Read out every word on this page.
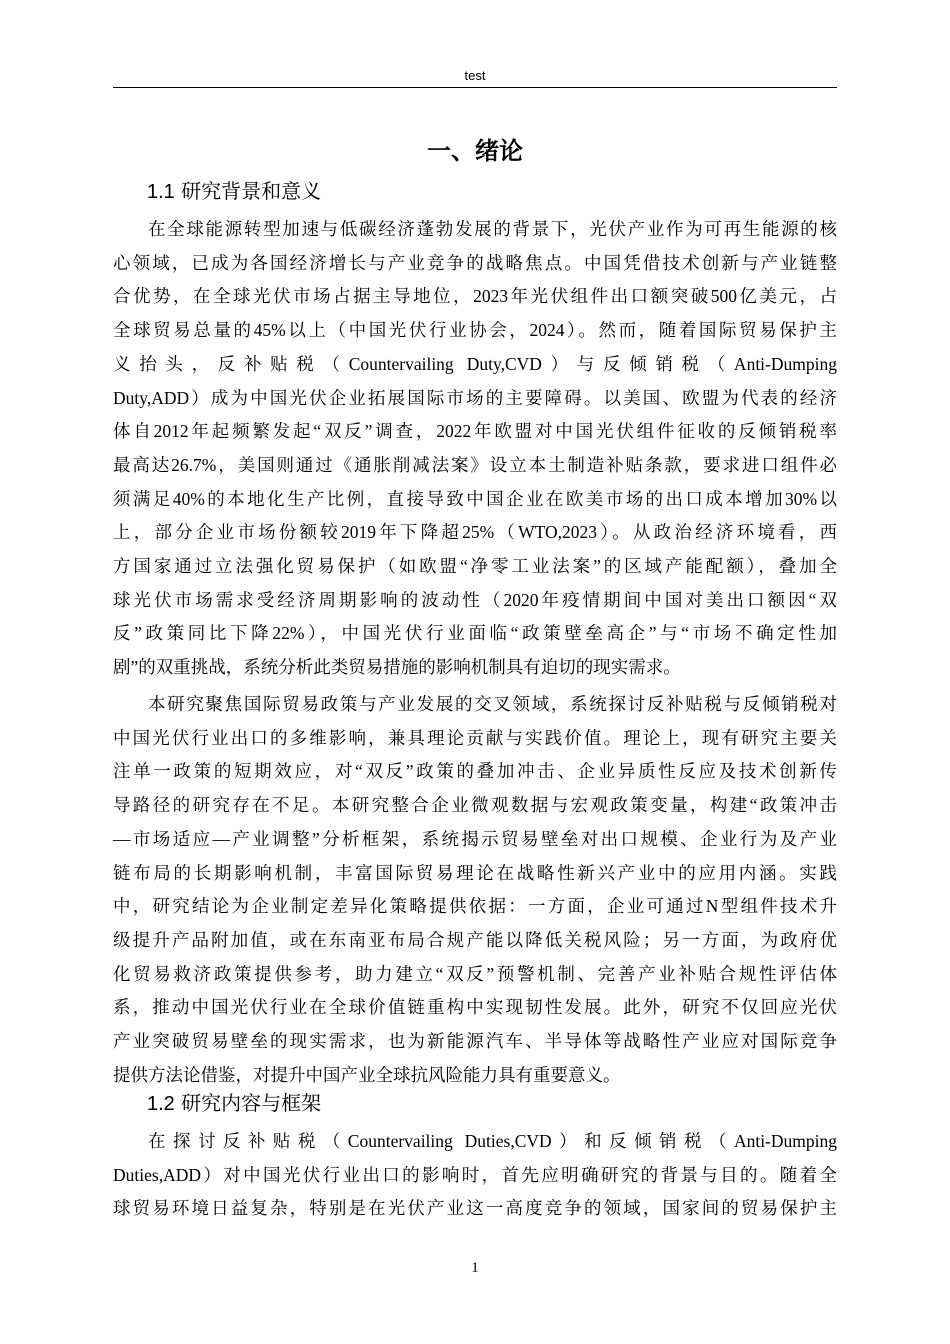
test
一、绪论
1.1 研究背景和意义
在全球能源转型加速与低碳经济蓬勃发展的背景下，光伏产业作为可再生能源的核
心领域，已成为各国经济增长与产业竞争的战略焦点。中国凭借技术创新与产业链整
合优势，在全球光伏市场占据主导地位，2023年光伏组件出口额突破500亿美元，占
全球贸易总量的45%以上（中国光伏行业协会，2024）。然而，随着国际贸易保护主
义抬头，反补贴税（Countervailing Duty,CVD）与反倾销税（Anti-Dumping
Duty,ADD）成为中国光伏企业拓展国际市场的主要障碍。以美国、欧盟为代表的经济
体自2012年起频繁发起“双反”调查，2022年欧盟对中国光伏组件征收的反倾销税率
最高达26.7%，美国则通过《通胀削减法案》设立本土制造补贴条款，要求进口组件必
须满足40%的本地化生产比例，直接导致中国企业在欧美市场的出口成本增加30%以
上，部分企业市场份额较2019年下降超25%（WTO,2023）。从政治经济环境看，西
方国家通过立法强化贸易保护（如欧盟“净零工业法案”的区域产能配额），叠加全
球光伏市场需求受经济周期影响的波动性（2020年疫情期间中国对美出口额因“双
反”政策同比下降22%），中国光伏行业面临“政策壁垒高企”与“市场不确定性加
剧”的双重挑战，系统分析此类贸易措施的影响机制具有迫切的现实需求。
本研究聚焦国际贸易政策与产业发展的交叉领域，系统探讨反补贴税与反倾销税对
中国光伏行业出口的多维影响，兼具理论贡献与实践价值。理论上，现有研究主要关
注单一政策的短期效应，对“双反”政策的叠加冲击、企业异质性反应及技术创新传
导路径的研究存在不足。本研究整合企业微观数据与宏观政策变量，构建“政策冲击
—市场适应—产业调整”分析框架，系统揭示贸易壁垒对出口规模、企业行为及产业
链布局的长期影响机制，丰富国际贸易理论在战略性新兴产业中的应用内涵。实践
中，研究结论为企业制定差异化策略提供依据：一方面，企业可通过N型组件技术升
级提升产品附加值，或在东南亚布局合规产能以降低关税风险；另一方面，为政府优
化贸易救济政策提供参考，助力建立“双反”预警机制、完善产业补贴合规性评估体
系，推动中国光伏行业在全球价值链重构中实现韧性发展。此外，研究不仅回应光伏
产业突破贸易壁垒的现实需求，也为新能源汽车、半导体等战略性产业应对国际竞争
提供方法论借鉴，对提升中国产业全球抗风险能力具有重要意义。
1.2 研究内容与框架
在探讨反补贴税（Countervailing Duties,CVD）和反倾销税（Anti-Dumping
Duties,ADD）对中国光伏行业出口的影响时，首先应明确研究的背景与目的。随着全
球贸易环境日益复杂，特别是在光伏产业这一高度竞争的领域，国家间的贸易保护主
1
